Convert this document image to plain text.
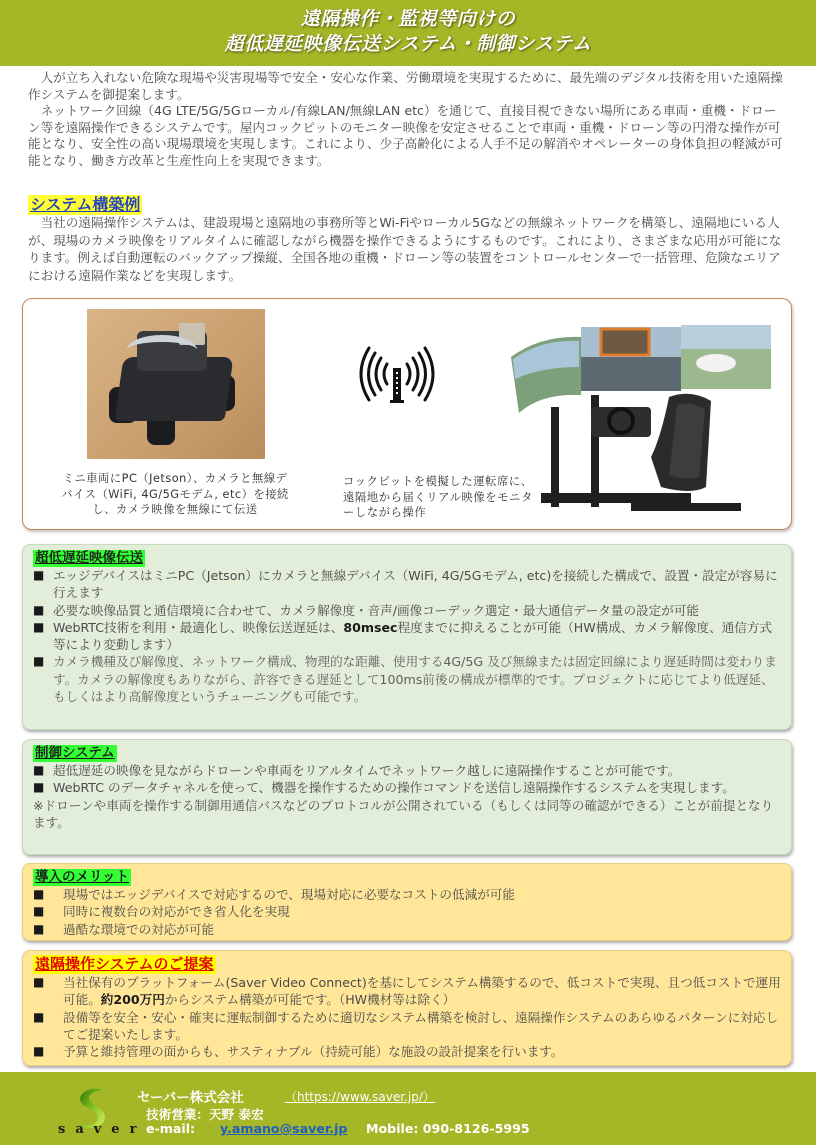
遠隔操作・監視等向けの
超低遅延映像伝送システム・制御システム

人が立ち入れない危険な現場や災害現場等で安全・安心な作業、労働環境を実現するために、最先端のデジタル技術を用いた遠隔操作システムを御提案します。

ネットワーク回線（4G LTE/5G/5Gローカル/有線LAN/無線LAN etc）を通じて、直接目視できない場所にある車両・重機・ドローン等を遠隔操作できるシステムです。屋内コックピットのモニター映像を安定させることで車両・重機・ドローン等の円滑な操作が可能となり、安全性の高い現場環境を実現します。これにより、少子高齢化による人手不足の解消やオペレーターの身体負担の軽減が可能となり、働き方改革と生産性向上を実現できます。

システム構築例
当社の遠隔操作システムは、建設現場と遠隔地の事務所等とWi-Fiやローカル5Gなどの無線ネットワークを構築し、遠隔地にいる人が、現場のカメラ映像をリアルタイムに確認しながら機器を操作できるようにするものです。これにより、さまざまな応用が可能になります。例えば自動運転のバックアップ操縦、全国各地の重機・ドローン等の装置をコントロールセンターで一括管理、危険なエリアにおける遠隔作業などを実現します。
ミニ車両にPC（Jetson）、カメラと無線デバイス（WiFi, 4G/5Gモデム, etc）を接続し、カメラ映像を無線にて伝送
コックピットを模擬した運転席に、遠隔地から届くリアル映像をモニターしながら操作
超低遅延映像伝送
■ エッジデバイスはミニPC（Jetson）にカメラと無線デバイス（WiFi, 4G/5Gモデム, etc)を接続した構成で、設置・設定が容易に行えます
■ 必要な映像品質と通信環境に合わせて、カメラ解像度・音声/画像コーデック選定・最大通信データ量の設定が可能
■ WebRTC技術を利用・最適化し、映像伝送遅延は、80msec程度までに抑えることが可能（HW構成、カメラ解像度、通信方式等により変動します）
■ カメラ機種及び解像度、ネットワーク構成、物理的な距離、使用する4G/5G 及び無線または固定回線により遅延時間は変わります。カメラの解像度もありながら、許容できる遅延として100ms前後の構成が標準的です。プロジェクトに応じてより低遅延、もしくはより高解像度というチューニングも可能です。
制御システム
■ 超低遅延の映像を見ながらドローンや車両をリアルタイムでネットワーク越しに遠隔操作することが可能です。
■ WebRTC のデータチャネルを使って、機器を操作するための操作コマンドを送信し遠隔操作するシステムを実現します。
※ドローンや車両を操作する制御用通信バスなどのプロトコルが公開されている（もしくは同等の確認ができる）ことが前提となります。
導入のメリット
■ 現場ではエッジデバイスで対応するので、現場対応に必要なコストの低減が可能
■ 同時に複数台の対応ができ省人化を実現
■ 過酷な環境での対応が可能
遠隔操作システムのご提案
■ 当社保有のプラットフォーム(Saver Video Connect)を基にしてシステム構築するので、低コストで実現、且つ低コストで運用可能。約200万円からシステム構築が可能です。（HW機材等は除く）
■ 設備等を安全・安心・確実に運転制御するために適切なシステム構築を検討し、遠隔操作システムのあらゆるパターンに対応してご提案いたします。
■ 予算と維持管理の面からも、サスティナブル（持続可能）な施設の設計提案を行います。
saver
セーバー株式会社	（https://www.saver.jp/）
技術営業：天野 泰宏
e-mail: y.amano@saver.jp Mobile: 090-8126-5995
